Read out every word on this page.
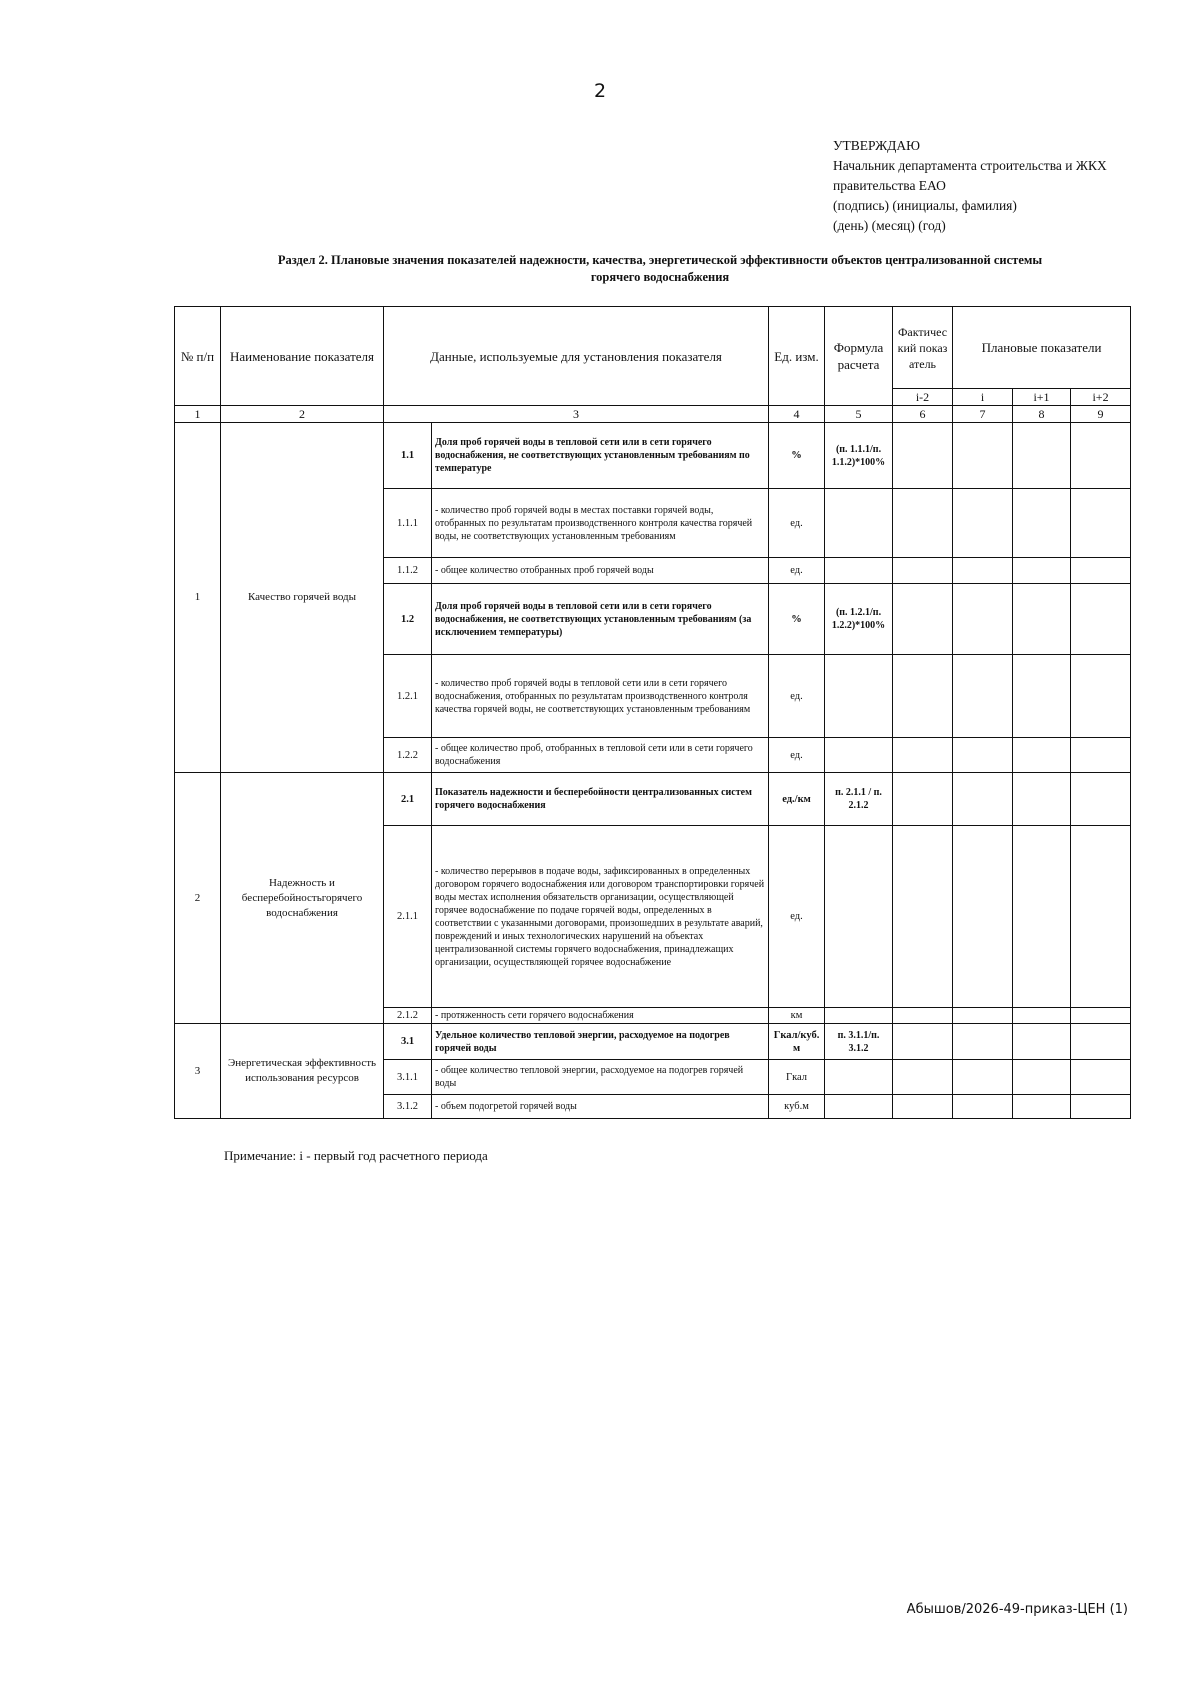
2
УТВЕРЖДАЮ
Начальник департамента строительства и ЖКХ
правительства ЕАО
(подпись) (инициалы, фамилия)
(день) (месяц) (год)
Раздел 2. Плановые значения показателей надежности, качества, энергетической эффективности объектов централизованной системы
горячего водоснабжения
№ п/п	Наименование показателя	Данные, используемые для установления показателя		Ед. изм.	Формула расчета	Фактический показатель	Плановые показатели		
						i-2	i	i+1	i+2
1	2	3		4	5	6	7	8	9
1	Качество горячей воды	1.1	Доля проб горячей воды в тепловой сети или в сети горячего водоснабжения, не соответствующих установленным требованиям по температуре	%	(п. 1.1.1/п. 1.1.2)*100%				
		1.1.1	- количество проб горячей воды в местах поставки горячей воды, отобранных по результатам производственного контроля качества горячей воды, не соответствующих установленным требованиям	ед.					
		1.1.2	- общее количество отобранных проб горячей воды	ед.					
		1.2	Доля проб горячей воды в тепловой сети или в сети горячего водоснабжения, не соответствующих установленным требованиям (за исключением температуры)	%	(п. 1.2.1/п. 1.2.2)*100%				
		1.2.1	- количество проб горячей воды в тепловой сети или в сети горячего водоснабжения, отобранных по результатам производственного контроля качества горячей воды, не соответствующих установленным требованиям	ед.					
		1.2.2	- общее количество проб, отобранных в тепловой сети или в сети горячего водоснабжения	ед.					
2	Надежность и бесперебойностьгорячего водоснабжения	2.1	Показатель надежности и бесперебойности централизованных систем горячего водоснабжения	ед./км	п. 2.1.1 / п. 2.1.2				
		2.1.1	- количество перерывов в подаче воды, зафиксированных в определенных договором горячего водоснабжения или договором транспортировки горячей воды местах исполнения обязательств организации, осуществляющей горячее водоснабжение по подаче горячей воды, определенных в соответствии с указанными договорами, произошедших в результате аварий, повреждений и иных технологических нарушений на объектах централизованной системы горячего водоснабжения, принадлежащих организации, осуществляющей горячее водоснабжение	ед.					
		2.1.2	- протяженность сети горячего водоснабжения	км					
3	Энергетическая эффективность использования ресурсов	3.1	Удельное количество тепловой энергии, расходуемое на подогрев горячей воды	Гкал/куб. м	п. 3.1.1/п. 3.1.2				
		3.1.1	- общее количество тепловой энергии, расходуемое на подогрев горячей воды	Гкал					
		3.1.2	- объем подогретой горячей воды	куб.м					
Примечание: i - первый год расчетного периода
Абышов/2026-49-приказ-ЦЕН (1)
